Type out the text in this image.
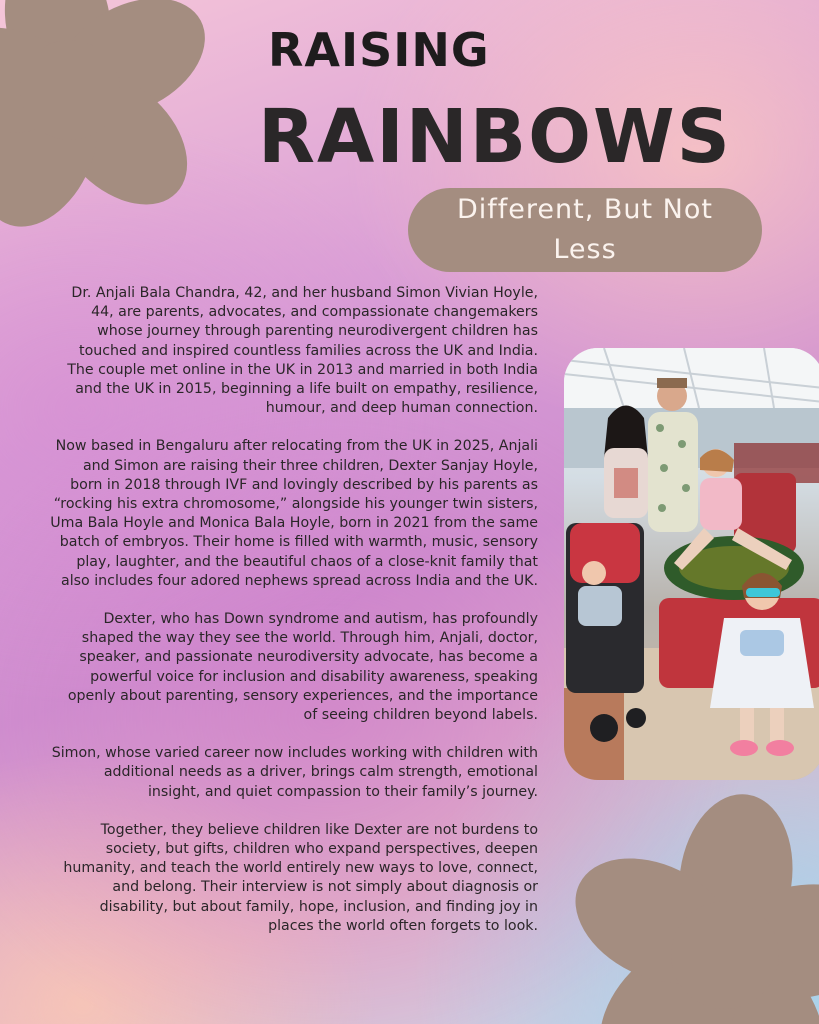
RAISING
RAINBOWS
Different, But Not Less

Dr. Anjali Bala Chandra, 42, and her husband Simon Vivian Hoyle, 44, are parents, advocates, and compassionate changemakers whose journey through parenting neurodivergent children has touched and inspired countless families across the UK and India. The couple met online in the UK in 2013 and married in both India and the UK in 2015, beginning a life built on empathy, resilience, humour, and deep human connection.

Now based in Bengaluru after relocating from the UK in 2025, Anjali and Simon are raising their three children, Dexter Sanjay Hoyle, born in 2018 through IVF and lovingly described by his parents as “rocking his extra chromosome,” alongside his younger twin sisters, Uma Bala Hoyle and Monica Bala Hoyle, born in 2021 from the same batch of embryos. Their home is filled with warmth, music, sensory play, laughter, and the beautiful chaos of a close-knit family that also includes four adored nephews spread across India and the UK.

Dexter, who has Down syndrome and autism, has profoundly shaped the way they see the world. Through him, Anjali, doctor, speaker, and passionate neurodiversity advocate, has become a powerful voice for inclusion and disability awareness, speaking openly about parenting, sensory experiences, and the importance of seeing children beyond labels.

Simon, whose varied career now includes working with children with additional needs as a driver, brings calm strength, emotional insight, and quiet compassion to their family’s journey.

Together, they believe children like Dexter are not burdens to society, but gifts, children who expand perspectives, deepen humanity, and teach the world entirely new ways to love, connect, and belong. Their interview is not simply about diagnosis or disability, but about family, hope, inclusion, and finding joy in places the world often forgets to look.
